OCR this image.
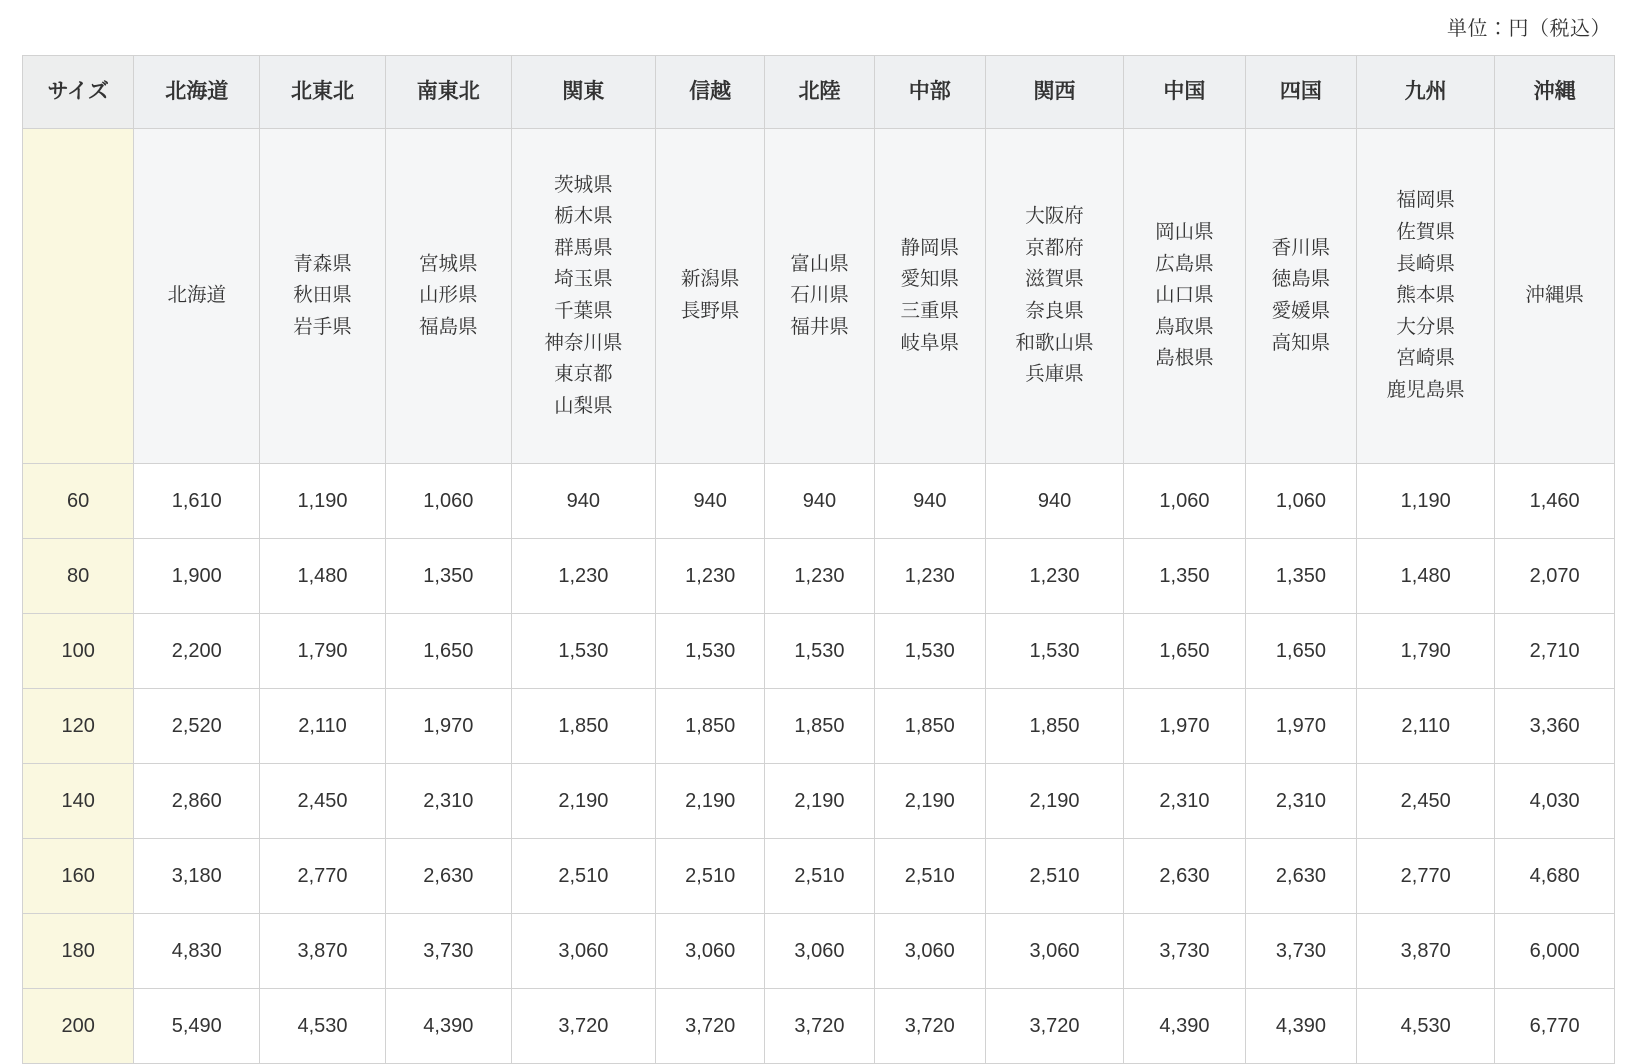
単位：円（税込）
サイズ	北海道	北東北	南東北	関東	信越	北陸	中部	関西	中国	四国	九州	沖縄
	北海道	青森県
秋田県
岩手県	宮城県
山形県
福島県	茨城県
栃木県
群馬県
埼玉県
千葉県
神奈川県
東京都
山梨県	新潟県
長野県	富山県
石川県
福井県	静岡県
愛知県
三重県
岐阜県	大阪府
京都府
滋賀県
奈良県
和歌山県
兵庫県	岡山県
広島県
山口県
鳥取県
島根県	香川県
徳島県
愛媛県
高知県	福岡県
佐賀県
長崎県
熊本県
大分県
宮崎県
鹿児島県	沖縄県
60	1,610	1,190	1,060	940	940	940	940	940	1,060	1,060	1,190	1,460
80	1,900	1,480	1,350	1,230	1,230	1,230	1,230	1,230	1,350	1,350	1,480	2,070
100	2,200	1,790	1,650	1,530	1,530	1,530	1,530	1,530	1,650	1,650	1,790	2,710
120	2,520	2,110	1,970	1,850	1,850	1,850	1,850	1,850	1,970	1,970	2,110	3,360
140	2,860	2,450	2,310	2,190	2,190	2,190	2,190	2,190	2,310	2,310	2,450	4,030
160	3,180	2,770	2,630	2,510	2,510	2,510	2,510	2,510	2,630	2,630	2,770	4,680
180	4,830	3,870	3,730	3,060	3,060	3,060	3,060	3,060	3,730	3,730	3,870	6,000
200	5,490	4,530	4,390	3,720	3,720	3,720	3,720	3,720	4,390	4,390	4,530	6,770
